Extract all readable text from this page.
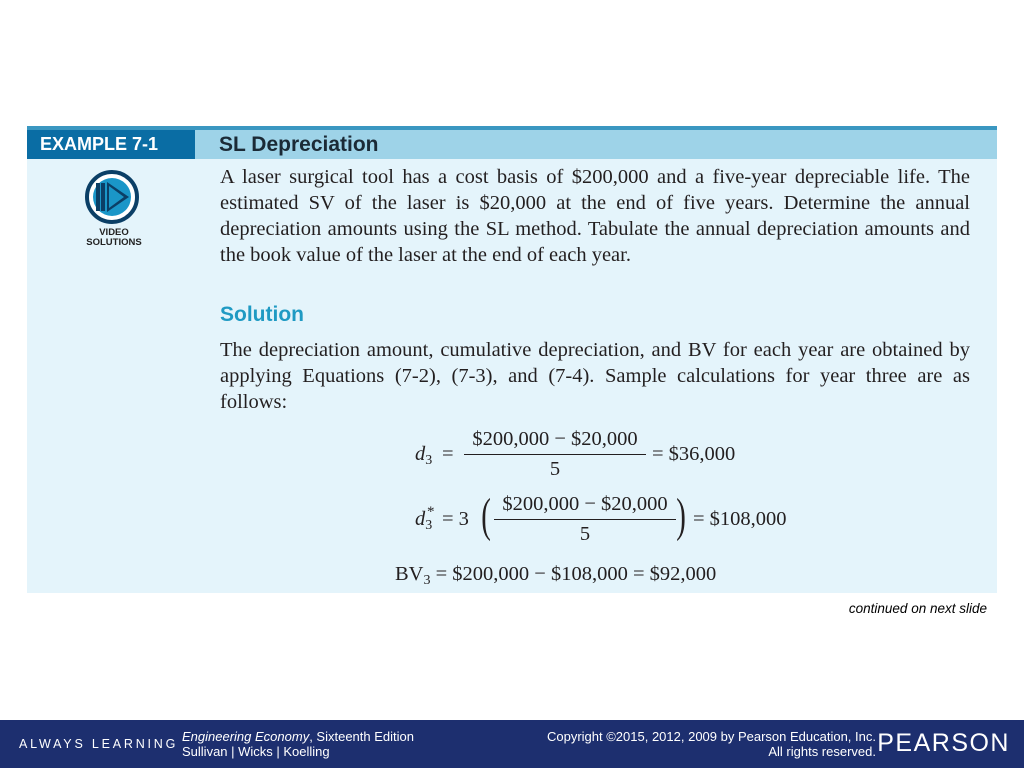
EXAMPLE 7-1	SL Depreciation
VIDEO
SOLUTIONS

A laser surgical tool has a cost basis of $200,000 and a five-year depreciable life. The estimated SV of the laser is $20,000 at the end of five years. Determine the annual depreciation amounts using the SL method. Tabulate the annual depreciation amounts and the book value of the laser at the end of each year.

Solution

The depreciation amount, cumulative depreciation, and BV for each year are obtained by applying Equations (7-2), (7-3), and (7-4). Sample calculations for year three are as follows:

d3 =
$200,000 − $20,000
5
= $36,000
d *
3 = 3 ( $200,000 − $20,000
5	) = $108,000
BV3 = $200,000 − $108,000 = $92,000
continued on next slide
ALWAYS LEARNING Engineering Economy, Sixteenth Edition
Sullivan | Wicks | Koelling
Copyright ©2015, 2012, 2009 by Pearson Education, Inc.
All rights reserved. PEARSON
